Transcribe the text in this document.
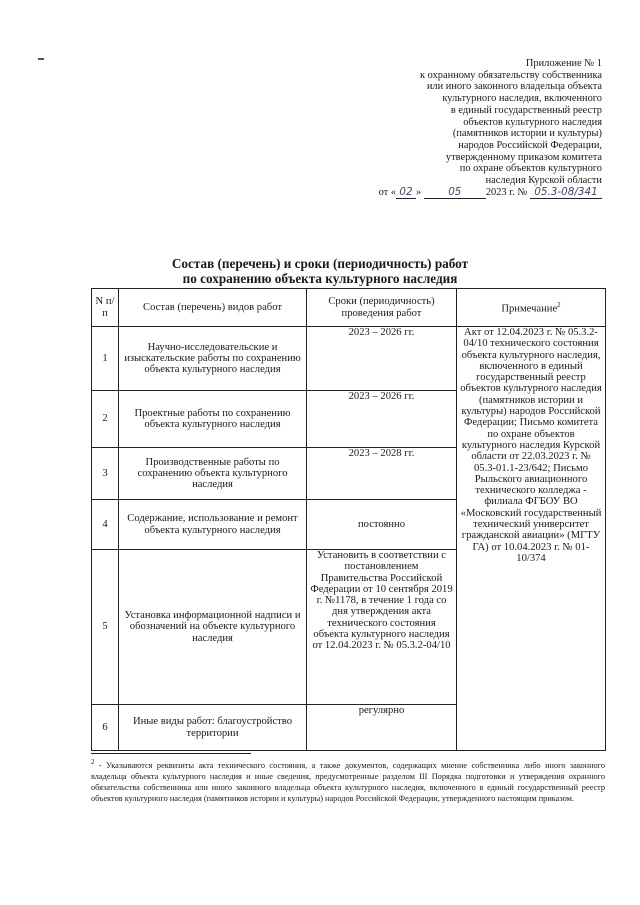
Приложение № 1
к охранному обязательству собственника
или иного законного владельца объекта
культурного наследия, включенного
в единый государственный реестр
объектов культурного наследия
(памятников истории и культуры)
народов Российской Федерации,
утвержденному приказом комитета
по охране объектов культурного
наследия Курской области
от « 02 »	05 2023 г. № 05.3-08/341
Состав (перечень) и сроки (периодичность) работ
по сохранению объекта культурного наследия
N п/п	Состав (перечень) видов работ	Сроки (периодичность) проведения работ	Примечание$^2$
1	Научно-исследовательские и изыскательские работы по сохранению объекта культурного наследия	2023 – 2026 гг.	Акт от 12.04.2023 г. № 05.3.2-04/10 технического состояния объекта культурного наследия, включенного в единый государственный реестр объектов культурного наследия (памятников истории и культуры) народов Российской Федерации; Письмо комитета по охране объектов культурного наследия Курской области от 22.03.2023 г. № 05.3-01.1-23/642; Письмо Рыльского авиационного технического колледжа - филиала ФГБОУ ВО «Московский государственный технический университет гражданской авиации» (МГТУ ГА) от 10.04.2023 г. № 01-10/374
2	Проектные работы по сохранению объекта культурного наследия	2023 – 2026 гг.	
3	Производственные работы по сохранению объекта культурного наследия	2023 – 2028 гг.	
4	Содержание, использование и ремонт объекта культурного наследия	постоянно	
5	Установка информационной надписи и обозначений на объекте культурного наследия	Установить в соответствии с постановлением Правительства Российской Федерации от 10 сентября 2019 г. №1178, в течение 1 года со дня утверждения акта технического состояния объекта культурного наследия от 12.04.2023 г. № 05.3.2-04/10	
6	Иные виды работ: благоустройство территории	регулярно	
$^2$ - Указываются реквизиты акта технического состояния, а также документов, содержащих мнение собственника либо иного законного владельца объекта культурного наследия и иные сведения, предусмотренные разделом III Порядка подготовки и утверждения охранного обязательства собственника или иного законного владельца объекта культурного наследия, включенного в единый государственный реестр объектов культурного наследия (памятников истории и культуры) народов Российской Федерации, утвержденного настоящим приказом.
